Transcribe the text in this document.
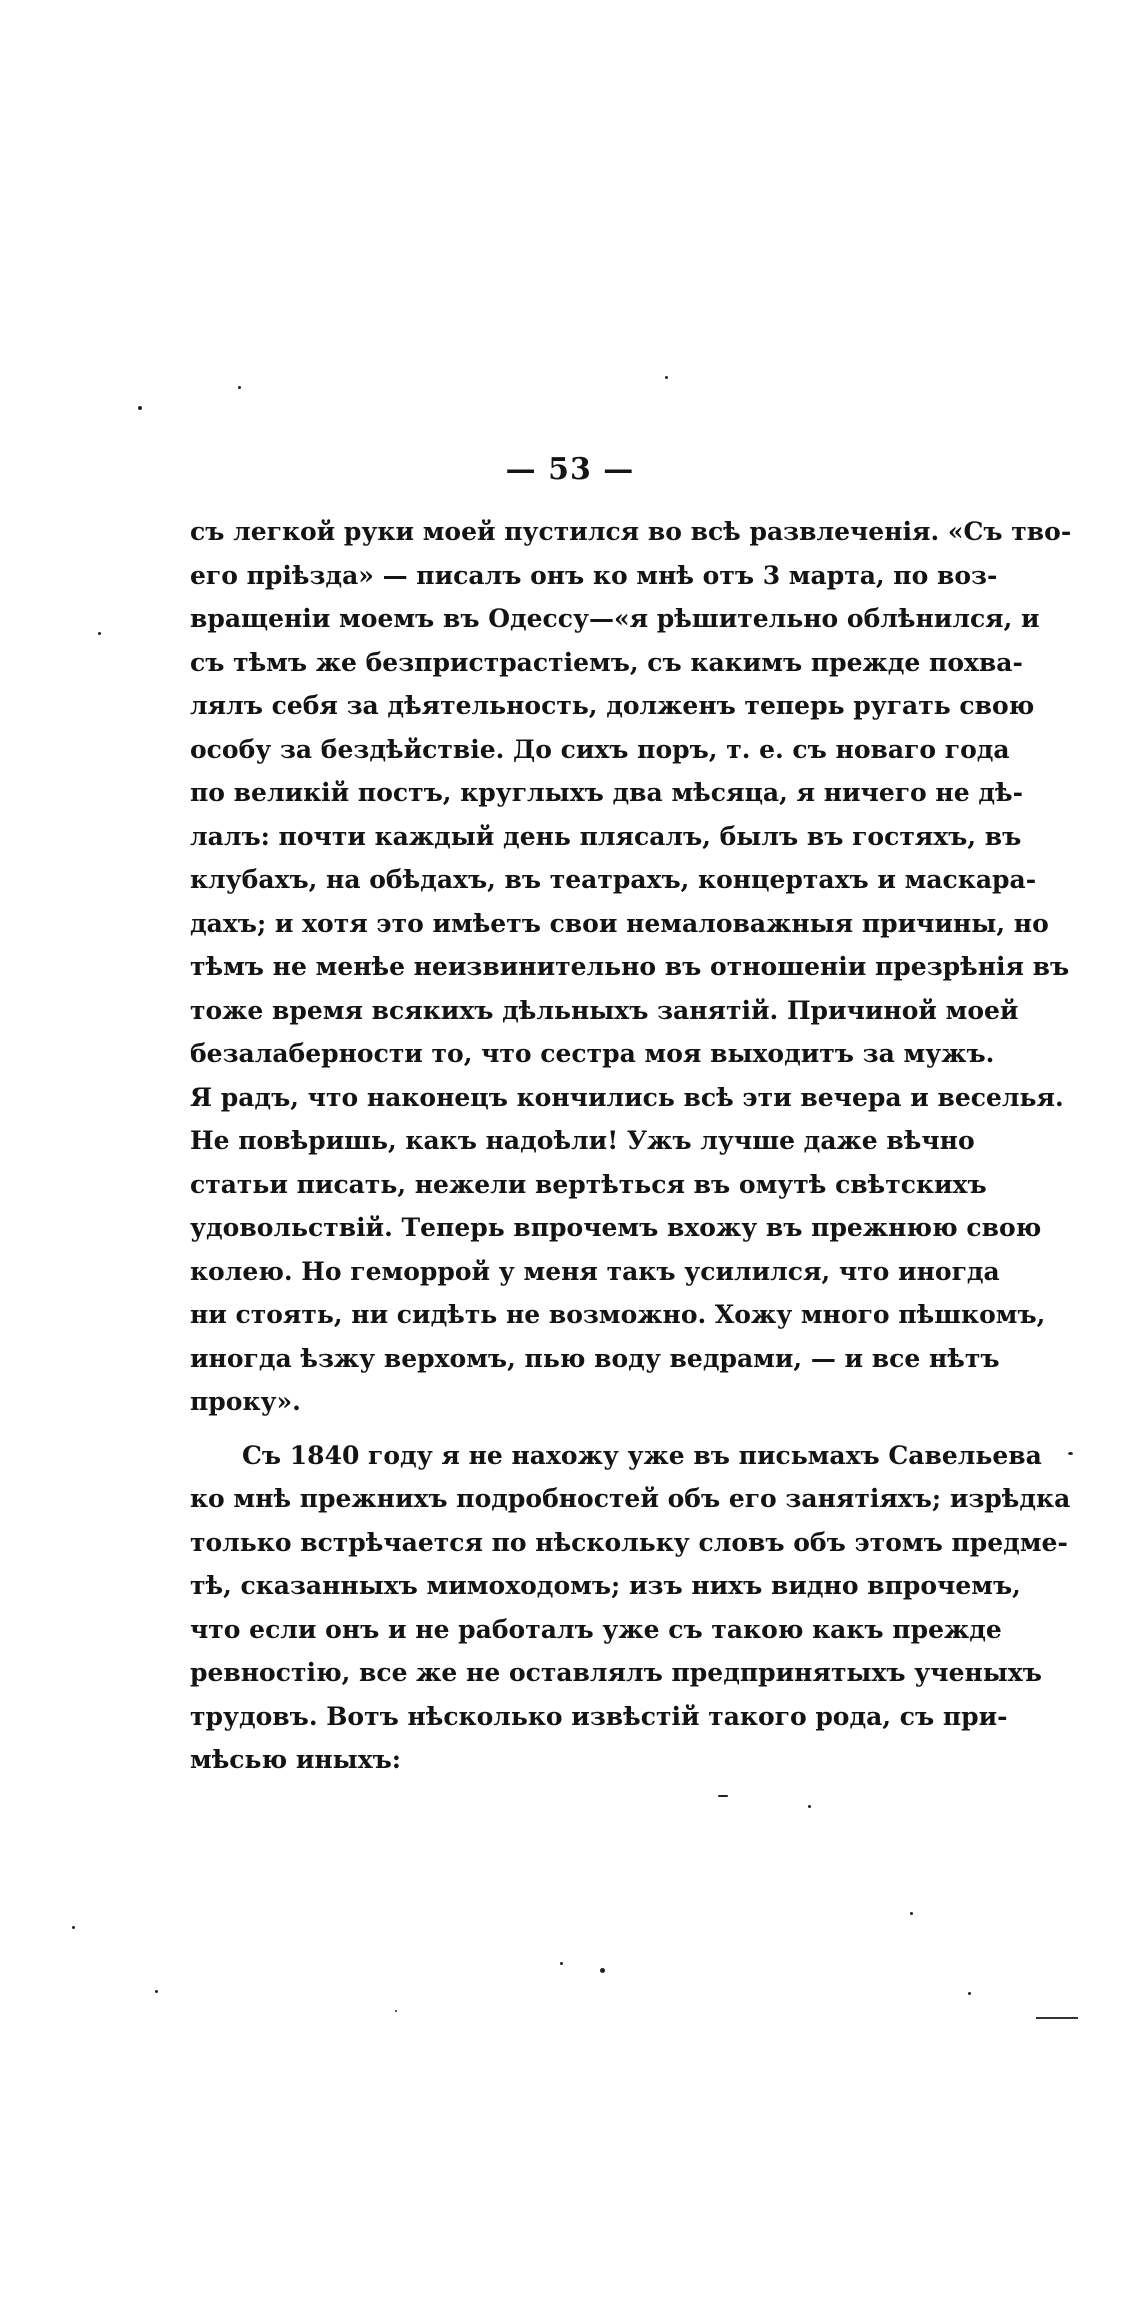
— 53 —
съ легкой руки моей пустился во всѣ развлеченія. «Съ тво-
его пріѣзда» — писалъ онъ ко мнѣ отъ 3 марта, по воз-
вращеніи моемъ въ Одессу—«я рѣшительно облѣнился, и
съ тѣмъ же безпристрастіемъ, съ какимъ прежде похва-
лялъ себя за дѣятельность, долженъ теперь ругать свою
особу за бездѣйствіе. До сихъ поръ, т. е. съ новаго года
по великій постъ, круглыхъ два мѣсяца, я ничего не дѣ-
лалъ: почти каждый день плясалъ, былъ въ гостяхъ, въ
клубахъ, на обѣдахъ, въ театрахъ, концертахъ и маскара-
дахъ; и хотя это имѣетъ свои немаловажныя причины, но
тѣмъ не менѣе неизвинительно въ отношеніи презрѣнія въ
тоже время всякихъ дѣльныхъ занятій. Причиной моей
безалаберности то, что сестра моя выходитъ за мужъ.
Я радъ, что наконецъ кончились всѣ эти вечера и веселья.
Не повѣришь, какъ надоѣли! Ужъ лучше даже вѣчно
статьи писать, нежели вертѣться въ омутѣ свѣтскихъ
удовольствій. Теперь впрочемъ вхожу въ прежнюю свою
колею. Но геморрой у меня такъ усилился, что иногда
ни стоять, ни сидѣть не возможно. Хожу много пѣшкомъ,
иногда ѣзжу верхомъ, пью воду ведрами, — и все нѣтъ
проку».
Съ 1840 году я не нахожу уже въ письмахъ Савельева
ко мнѣ прежнихъ подробностей объ его занятіяхъ; изрѣдка
только встрѣчается по нѣскольку словъ объ этомъ предме-
тѣ, сказанныхъ мимоходомъ; изъ нихъ видно впрочемъ,
что если онъ и не работалъ уже съ такою какъ прежде
ревностію, все же не оставлялъ предпринятыхъ ученыхъ
трудовъ. Вотъ нѣсколько извѣстій такого рода, съ при-
мѣсью иныхъ:
